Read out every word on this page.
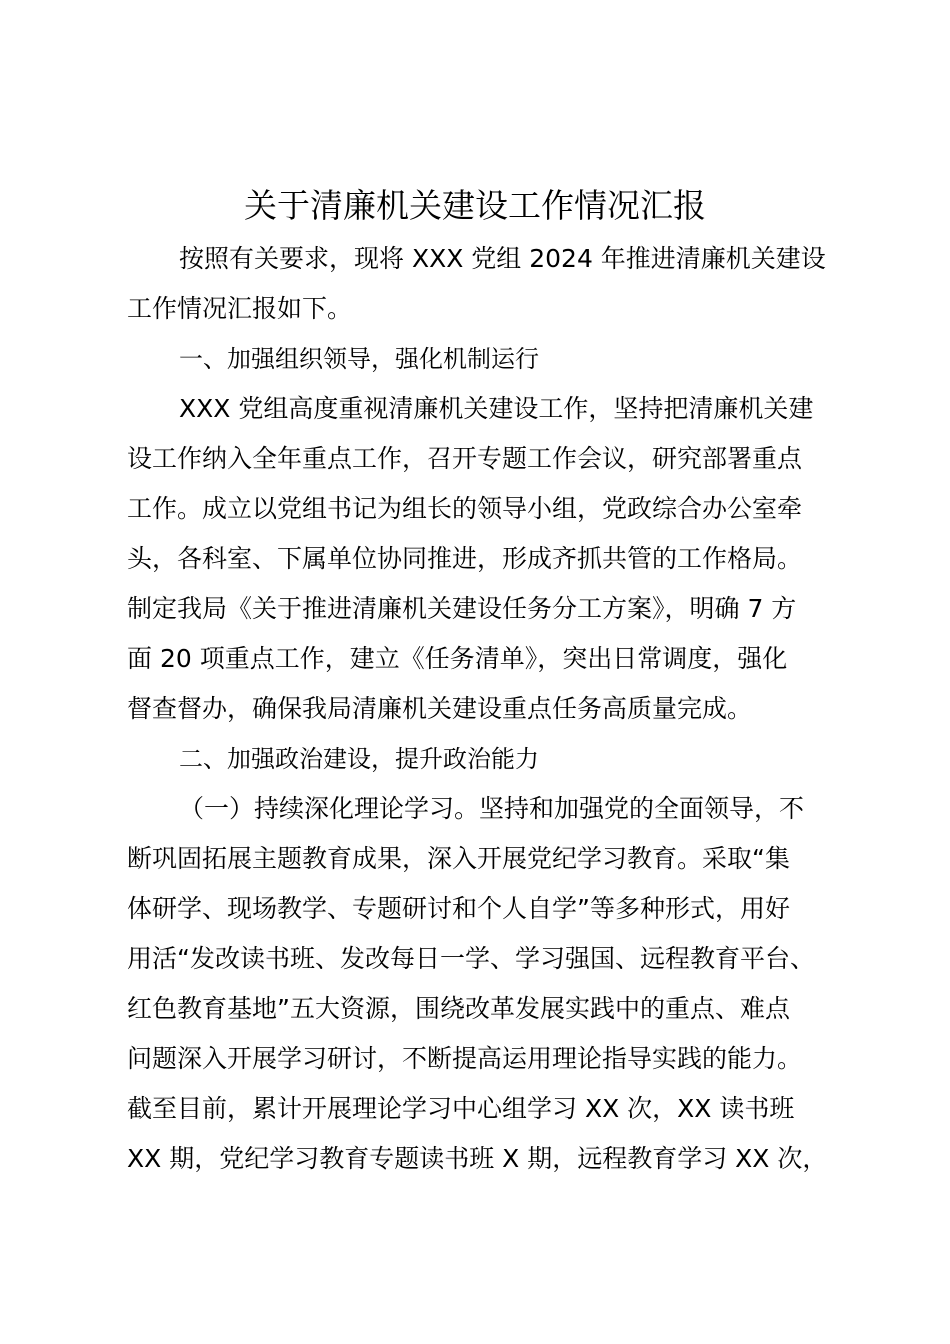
关于清廉机关建设工作情况汇报
按照有关要求，现将 XXX 党组 2024 年推进清廉机关建设
工作情况汇报如下。
一、加强组织领导，强化机制运行
XXX 党组高度重视清廉机关建设工作，坚持把清廉机关建
设工作纳入全年重点工作，召开专题工作会议，研究部署重点
工作。成立以党组书记为组长的领导小组，党政综合办公室牵
头，各科室、下属单位协同推进，形成齐抓共管的工作格局。
制定我局《关于推进清廉机关建设任务分工方案》，明确 7 方
面 20 项重点工作，建立《任务清单》，突出日常调度，强化
督查督办，确保我局清廉机关建设重点任务高质量完成。
二、加强政治建设，提升政治能力
（一）持续深化理论学习。坚持和加强党的全面领导，不
断巩固拓展主题教育成果，深入开展党纪学习教育。采取“集
体研学、现场教学、专题研讨和个人自学”等多种形式，用好
用活“发改读书班、发改每日一学、学习强国、远程教育平台、
红色教育基地”五大资源，围绕改革发展实践中的重点、难点
问题深入开展学习研讨，不断提高运用理论指导实践的能力。
截至目前，累计开展理论学习中心组学习 XX 次，XX 读书班
XX 期，党纪学习教育专题读书班 X 期，远程教育学习 XX 次，
